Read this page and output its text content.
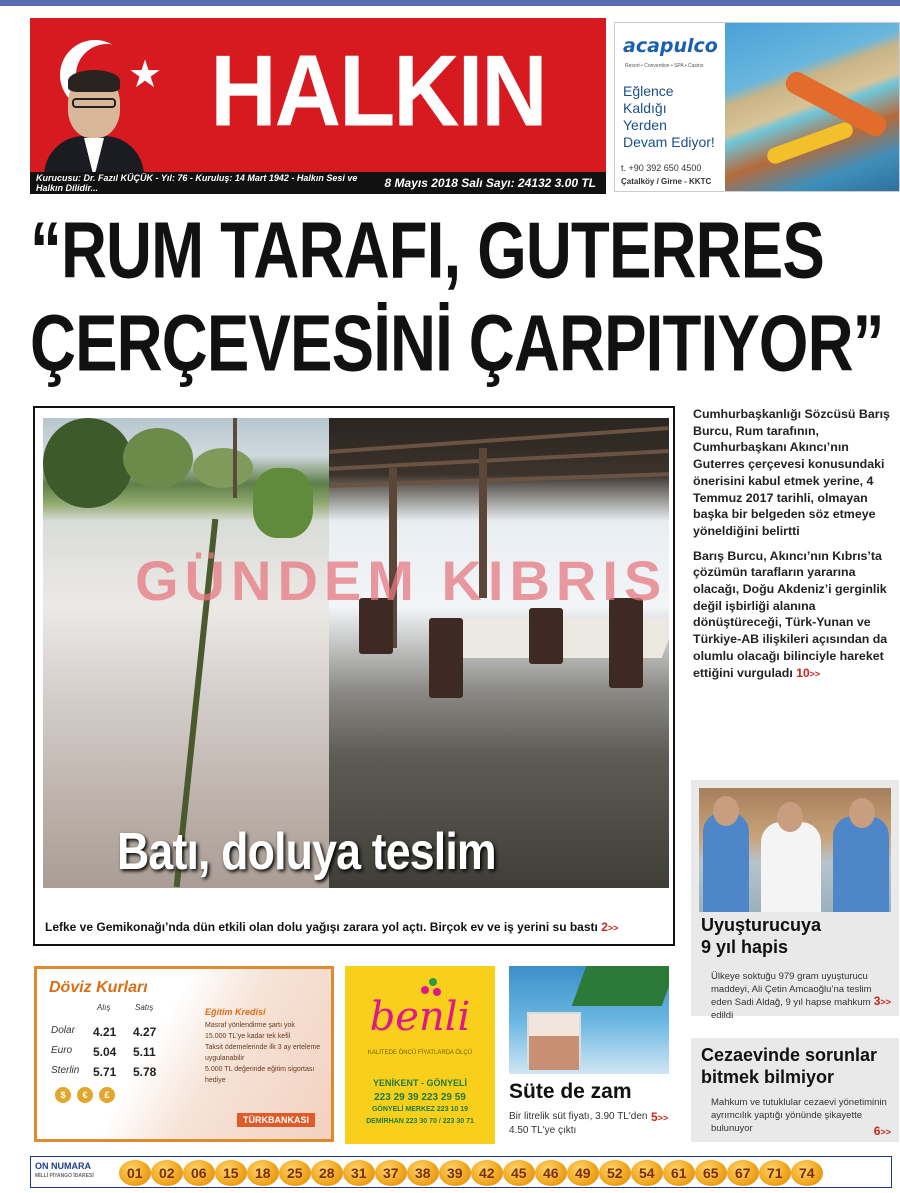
★ HALKIN
Kurucusu: Dr. Fazıl KÜÇÜK - Yıl: 76 - Kuruluş: 14 Mart 1942 - Halkın Sesi ve Halkın Dilidir...	8 Mayıs 2018 Salı Sayı: 24132 3.00 TL
acapulco
Resort • Convention • SPA • Casino
Eğlence
Kaldığı
Yerden
Devam Ediyor!
t. +90 392 650 4500
Çatalköy / Girne - KKTC
“RUM TARAFI, GUTERRES
ÇERÇEVESİNİ ÇARPITIYOR”
GÜNDEM KIBRIS
Batı, doluya teslim
Lefke ve Gemikonağı’nda dün etkili olan dolu yağışı zarara yol açtı. Birçok ev ve iş yerini su bastı 2>>

Cumhurbaşkanlığı Sözcüsü Barış Burcu, Rum tarafının, Cumhurbaşkanı Akıncı’nın Guterres çerçevesi konusundaki önerisini kabul etmek yerine, 4 Temmuz 2017 tarihli, olmayan başka bir belgeden söz etmeye yöneldiğini belirtti

Barış Burcu, Akıncı’nın Kıbrıs’ta çözümün tarafların yararına olacağı, Doğu Akdeniz’i gerginlik değil işbirliği alanına dönüştüreceği, Türk-Yunan ve Türkiye-AB ilişkileri açısından da olumlu olacağı bilinciyle hareket ettiğini vurguladı 10>>

Uyuşturucuya
9 yıl hapis
Ülkeye soktuğu 979 gram uyuşturucu maddeyi, Ali Çetin Amcaoğlu’na teslim eden Sadi Aldağ, 9 yıl hapse mahkum edildi
3>>
Cezaevinde sorunlar
bitmek bilmiyor
Mahkum ve tutuklular cezaevi yönetiminin ayrımcılık yaptığı yönünde şikayette bulunuyor	6>>
Döviz Kurları
Alış	Satış
Dolar 4.21 4.27
Euro 5.04 5.11
Sterlin 5.71 5.78
$	€	£
Eğitim Kredisi
Masraf yönlendirme şartı yok
15.000 TL'ye kadar tek kefil
Taksit ödemelerinde ilk 3 ay erteleme uygulanabilir
5.000 TL değerinde eğitim sigortası hediye
TÜRKBANKASI
benli
KALİTEDE ÖNCÜ FİYATLARDA ÖLÇÜ
YENİKENT - GÖNYELİ
223 29 39 223 29 59
GÖNYELİ MERKEZ 223 10 19
DEMİRHAN 223 30 70 / 223 30 71
Süte de zam
Bir litrelik süt fiyatı, 3.90 TL'den 4.50 TL'ye çıktı
5>>
ON NUMARA
MİLLİ PİYANGO İDARESİ	01	02	06	15	18	25	28	31	37	38	39	42	45	46	49	52	54	61	65	67	71	74
